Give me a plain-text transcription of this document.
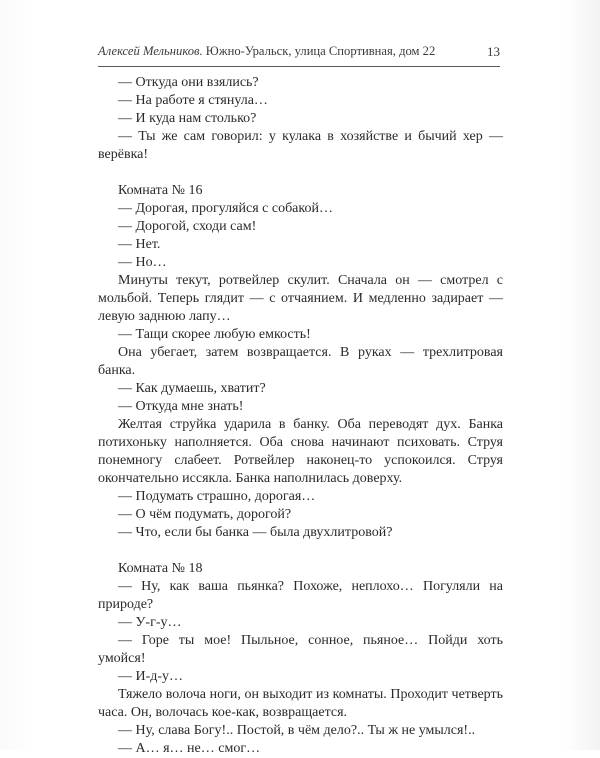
Алексей Мельников. Южно-Уральск, улица Спортивная, дом 22	13

— Откуда они взялись?

— На работе я стянула…

— И куда нам столько?

— Ты же сам говорил: у кулака в хозяйстве и бычий хер — верёвка!

Комната № 16

— Дорогая, прогуляйся с собакой…

— Дорогой, сходи сам!

— Нет.

— Но…

Минуты текут, ротвейлер скулит. Сначала он — смотрел с мольбой. Теперь глядит — с отчаянием. И медленно задирает — левую заднюю лапу…

— Тащи скорее любую емкость!

Она убегает, затем возвращается. В руках — трехлитровая банка.

— Как думаешь, хватит?

— Откуда мне знать!

Желтая струйка ударила в банку. Оба переводят дух. Банка потихоньку наполняется. Оба снова начинают психовать. Струя понемногу слабеет. Ротвейлер наконец-то успокоился. Струя окончательно иссякла. Банка наполнилась доверху.

— Подумать страшно, дорогая…

— О чём подумать, дорогой?

— Что, если бы банка — была двухлитровой?

Комната № 18

— Ну, как ваша пьянка? Похоже, неплохо… Погуляли на природе?

— У-г-у…

— Горе ты мое! Пыльное, сонное, пьяное… Пойди хоть умойся!

— И-д-у…

Тяжело волоча ноги, он выходит из комнаты. Проходит четверть часа. Он, волочась кое-как, возвращается.

— Ну, слава Богу!.. Постой, в чём дело?.. Ты ж не умылся!..

— А… я… не… смог…
